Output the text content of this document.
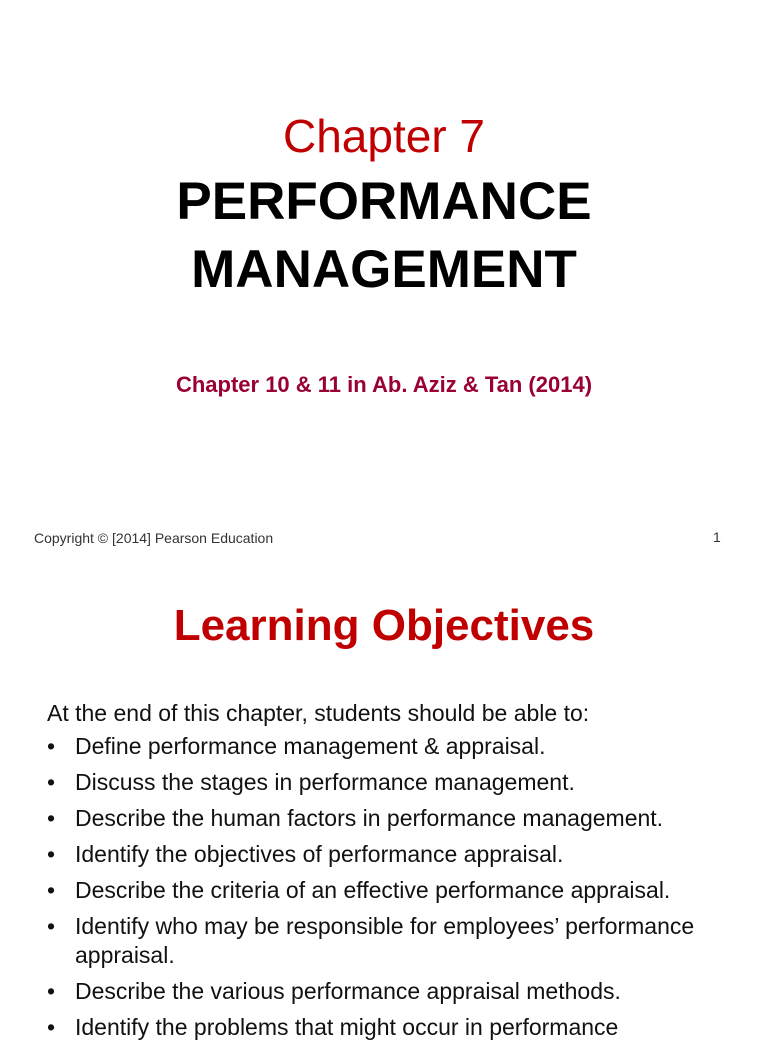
Chapter 7
PERFORMANCE
MANAGEMENT
Chapter 10 & 11 in Ab. Aziz & Tan (2014)
Copyright © [2014] Pearson Education	1
Learning Objectives
At the end of this chapter, students should be able to:
• Define performance management & appraisal.
• Discuss the stages in performance management.
• Describe the human factors in performance management.
• Identify the objectives of performance appraisal.
• Describe the criteria of an effective performance appraisal.
• Identify who may be responsible for employees’ performance appraisal.
• Describe the various performance appraisal methods.
• Identify the problems that might occur in performance
